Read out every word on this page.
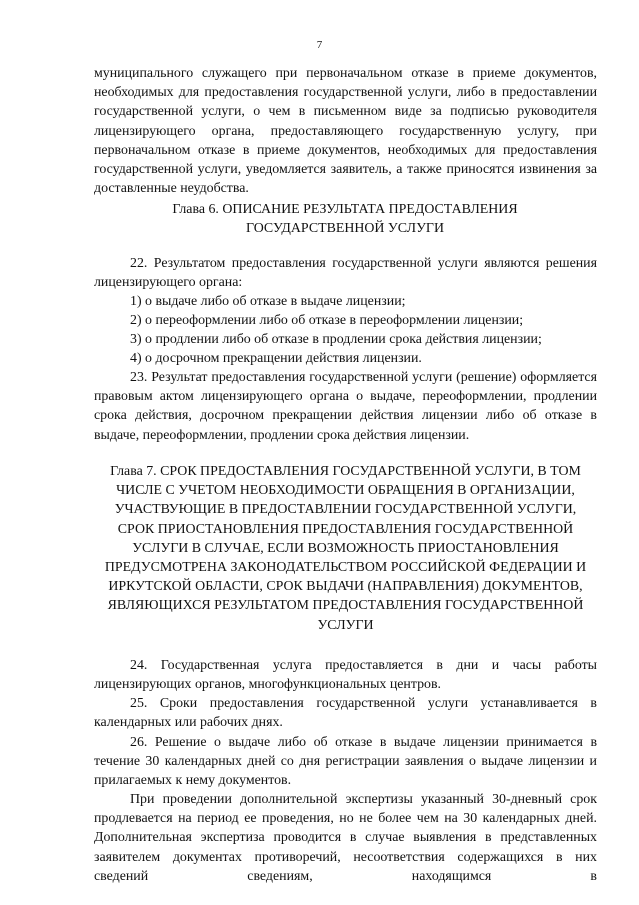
7
муниципального служащего при первоначальном отказе в приеме документов, необходимых для предоставления государственной услуги, либо в предоставлении государственной услуги, о чем в письменном виде за подписью руководителя лицензирующего органа, предоставляющего государственную услугу, при первоначальном отказе в приеме документов, необходимых для предоставления государственной услуги, уведомляется заявитель, а также приносятся извинения за доставленные неудобства.
Глава 6. ОПИСАНИЕ РЕЗУЛЬТАТА ПРЕДОСТАВЛЕНИЯ ГОСУДАРСТВЕННОЙ УСЛУГИ
22. Результатом предоставления государственной услуги являются решения лицензирующего органа:
1) о выдаче либо об отказе в выдаче лицензии;
2) о переоформлении либо об отказе в переоформлении лицензии;
3) о продлении либо об отказе в продлении срока действия лицензии;
4) о досрочном прекращении действия лицензии.
23. Результат предоставления государственной услуги (решение) оформляется правовым актом лицензирующего органа о выдаче, переоформлении, продлении срока действия, досрочном прекращении действия лицензии либо об отказе в выдаче, переоформлении, продлении срока действия лицензии.
Глава 7. СРОК ПРЕДОСТАВЛЕНИЯ ГОСУДАРСТВЕННОЙ УСЛУГИ, В ТОМ ЧИСЛЕ С УЧЕТОМ НЕОБХОДИМОСТИ ОБРАЩЕНИЯ В ОРГАНИЗАЦИИ, УЧАСТВУЮЩИЕ В ПРЕДОСТАВЛЕНИИ ГОСУДАРСТВЕННОЙ УСЛУГИ, СРОК ПРИОСТАНОВЛЕНИЯ ПРЕДОСТАВЛЕНИЯ ГОСУДАРСТВЕННОЙ УСЛУГИ В СЛУЧАЕ, ЕСЛИ ВОЗМОЖНОСТЬ ПРИОСТАНОВЛЕНИЯ ПРЕДУСМОТРЕНА ЗАКОНОДАТЕЛЬСТВОМ РОССИЙСКОЙ ФЕДЕРАЦИИ И ИРКУТСКОЙ ОБЛАСТИ, СРОК ВЫДАЧИ (НАПРАВЛЕНИЯ) ДОКУМЕНТОВ, ЯВЛЯЮЩИХСЯ РЕЗУЛЬТАТОМ ПРЕДОСТАВЛЕНИЯ ГОСУДАРСТВЕННОЙ УСЛУГИ
24. Государственная услуга предоставляется в дни и часы работы лицензирующих органов, многофункциональных центров.
25. Сроки предоставления государственной услуги устанавливается в календарных или рабочих днях.
26. Решение о выдаче либо об отказе в выдаче лицензии принимается в течение 30 календарных дней со дня регистрации заявления о выдаче лицензии и прилагаемых к нему документов.
При проведении дополнительной экспертизы указанный 30-дневный срок продлевается на период ее проведения, но не более чем на 30 календарных дней. Дополнительная экспертиза проводится в случае выявления в представленных заявителем документах противоречий, несоответствия содержащихся в них сведений сведениям, находящимся в
